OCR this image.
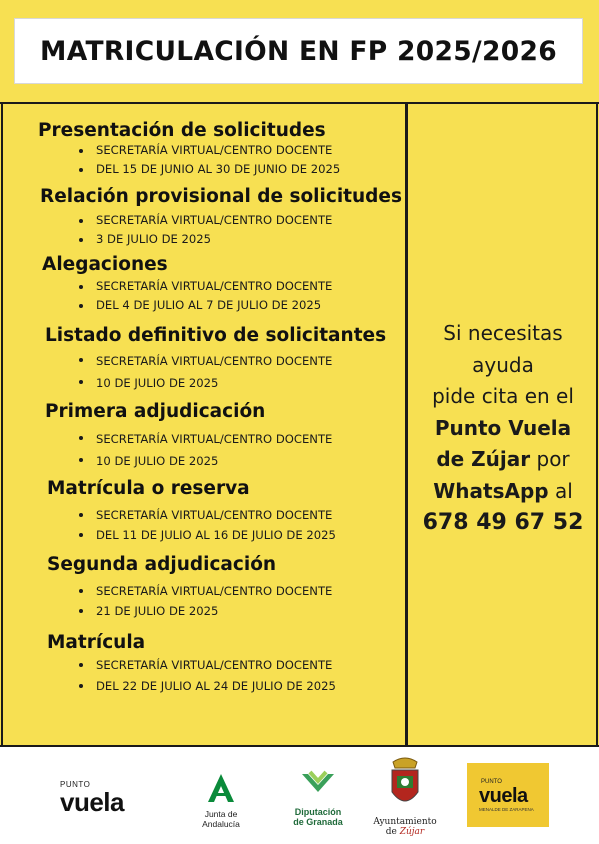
MATRICULACIÓN EN FP 2025/2026
Presentación de solicitudes
SECRETARÍA VIRTUAL/CENTRO DOCENTE
DEL 15 DE JUNIO AL 30 DE JUNIO DE 2025
Relación provisional de solicitudes
SECRETARÍA VIRTUAL/CENTRO DOCENTE
3 DE JULIO DE 2025
Alegaciones
SECRETARÍA VIRTUAL/CENTRO DOCENTE
DEL 4 DE JULIO AL 7 DE JULIO DE 2025
Listado definitivo de solicitantes
SECRETARÍA VIRTUAL/CENTRO DOCENTE
10 DE JULIO DE 2025
Primera adjudicación
SECRETARÍA VIRTUAL/CENTRO DOCENTE
10 DE JULIO DE 2025
Matrícula o reserva
SECRETARÍA VIRTUAL/CENTRO DOCENTE
DEL 11 DE JULIO AL 16 DE JULIO DE 2025
Segunda adjudicación
SECRETARÍA VIRTUAL/CENTRO DOCENTE
21 DE JULIO DE 2025
Matrícula
SECRETARÍA VIRTUAL/CENTRO DOCENTE
DEL 22 DE JULIO AL 24 DE JULIO DE 2025
Si necesitas
ayuda
pide cita en el
Punto Vuela
de Zújar por
WhatsApp al
678 49 67 52
PUNTO
vuela	Junta de Andalucía
Diputación
de Granada	Ayuntamiento
de Zújar
PUNTO
vuela
MENALDE DE ZARAPENA
